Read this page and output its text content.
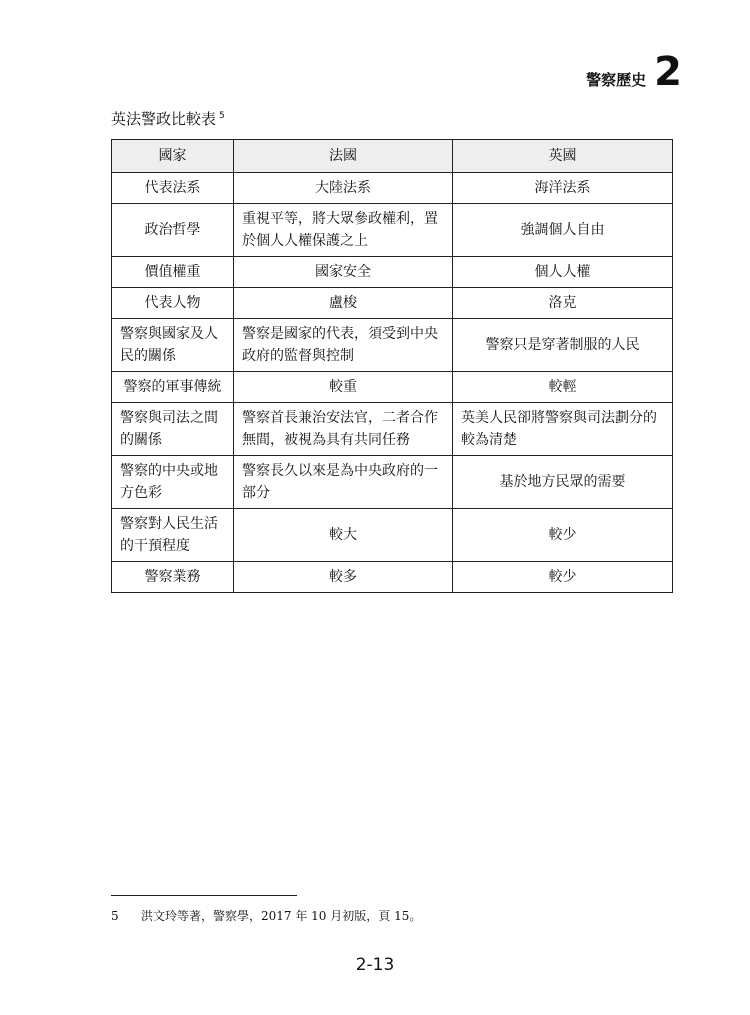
警察歷史 2
英法警政比較表 $^5$
國家	法國	英國
代表法系	大陸法系	海洋法系
政治哲學	重視平等，將大眾參政權利，置於個人人權保護之上	強調個人自由
價值權重	國家安全	個人人權
代表人物	盧梭	洛克
警察與國家及人民的關係	警察是國家的代表，須受到中央政府的監督與控制	警察只是穿著制服的人民
警察的軍事傳統	較重	較輕
警察與司法之間的關係	警察首長兼治安法官，二者合作無間，被視為具有共同任務	英美人民卻將警察與司法劃分的較為清楚
警察的中央或地方色彩	警察長久以來是為中央政府的一部分	基於地方民眾的需要
警察對人民生活的干預程度	較大	較少
警察業務	較多	較少
5 洪文玲等著，警察學，2017 年 10 月初版，頁 15。
2-13
